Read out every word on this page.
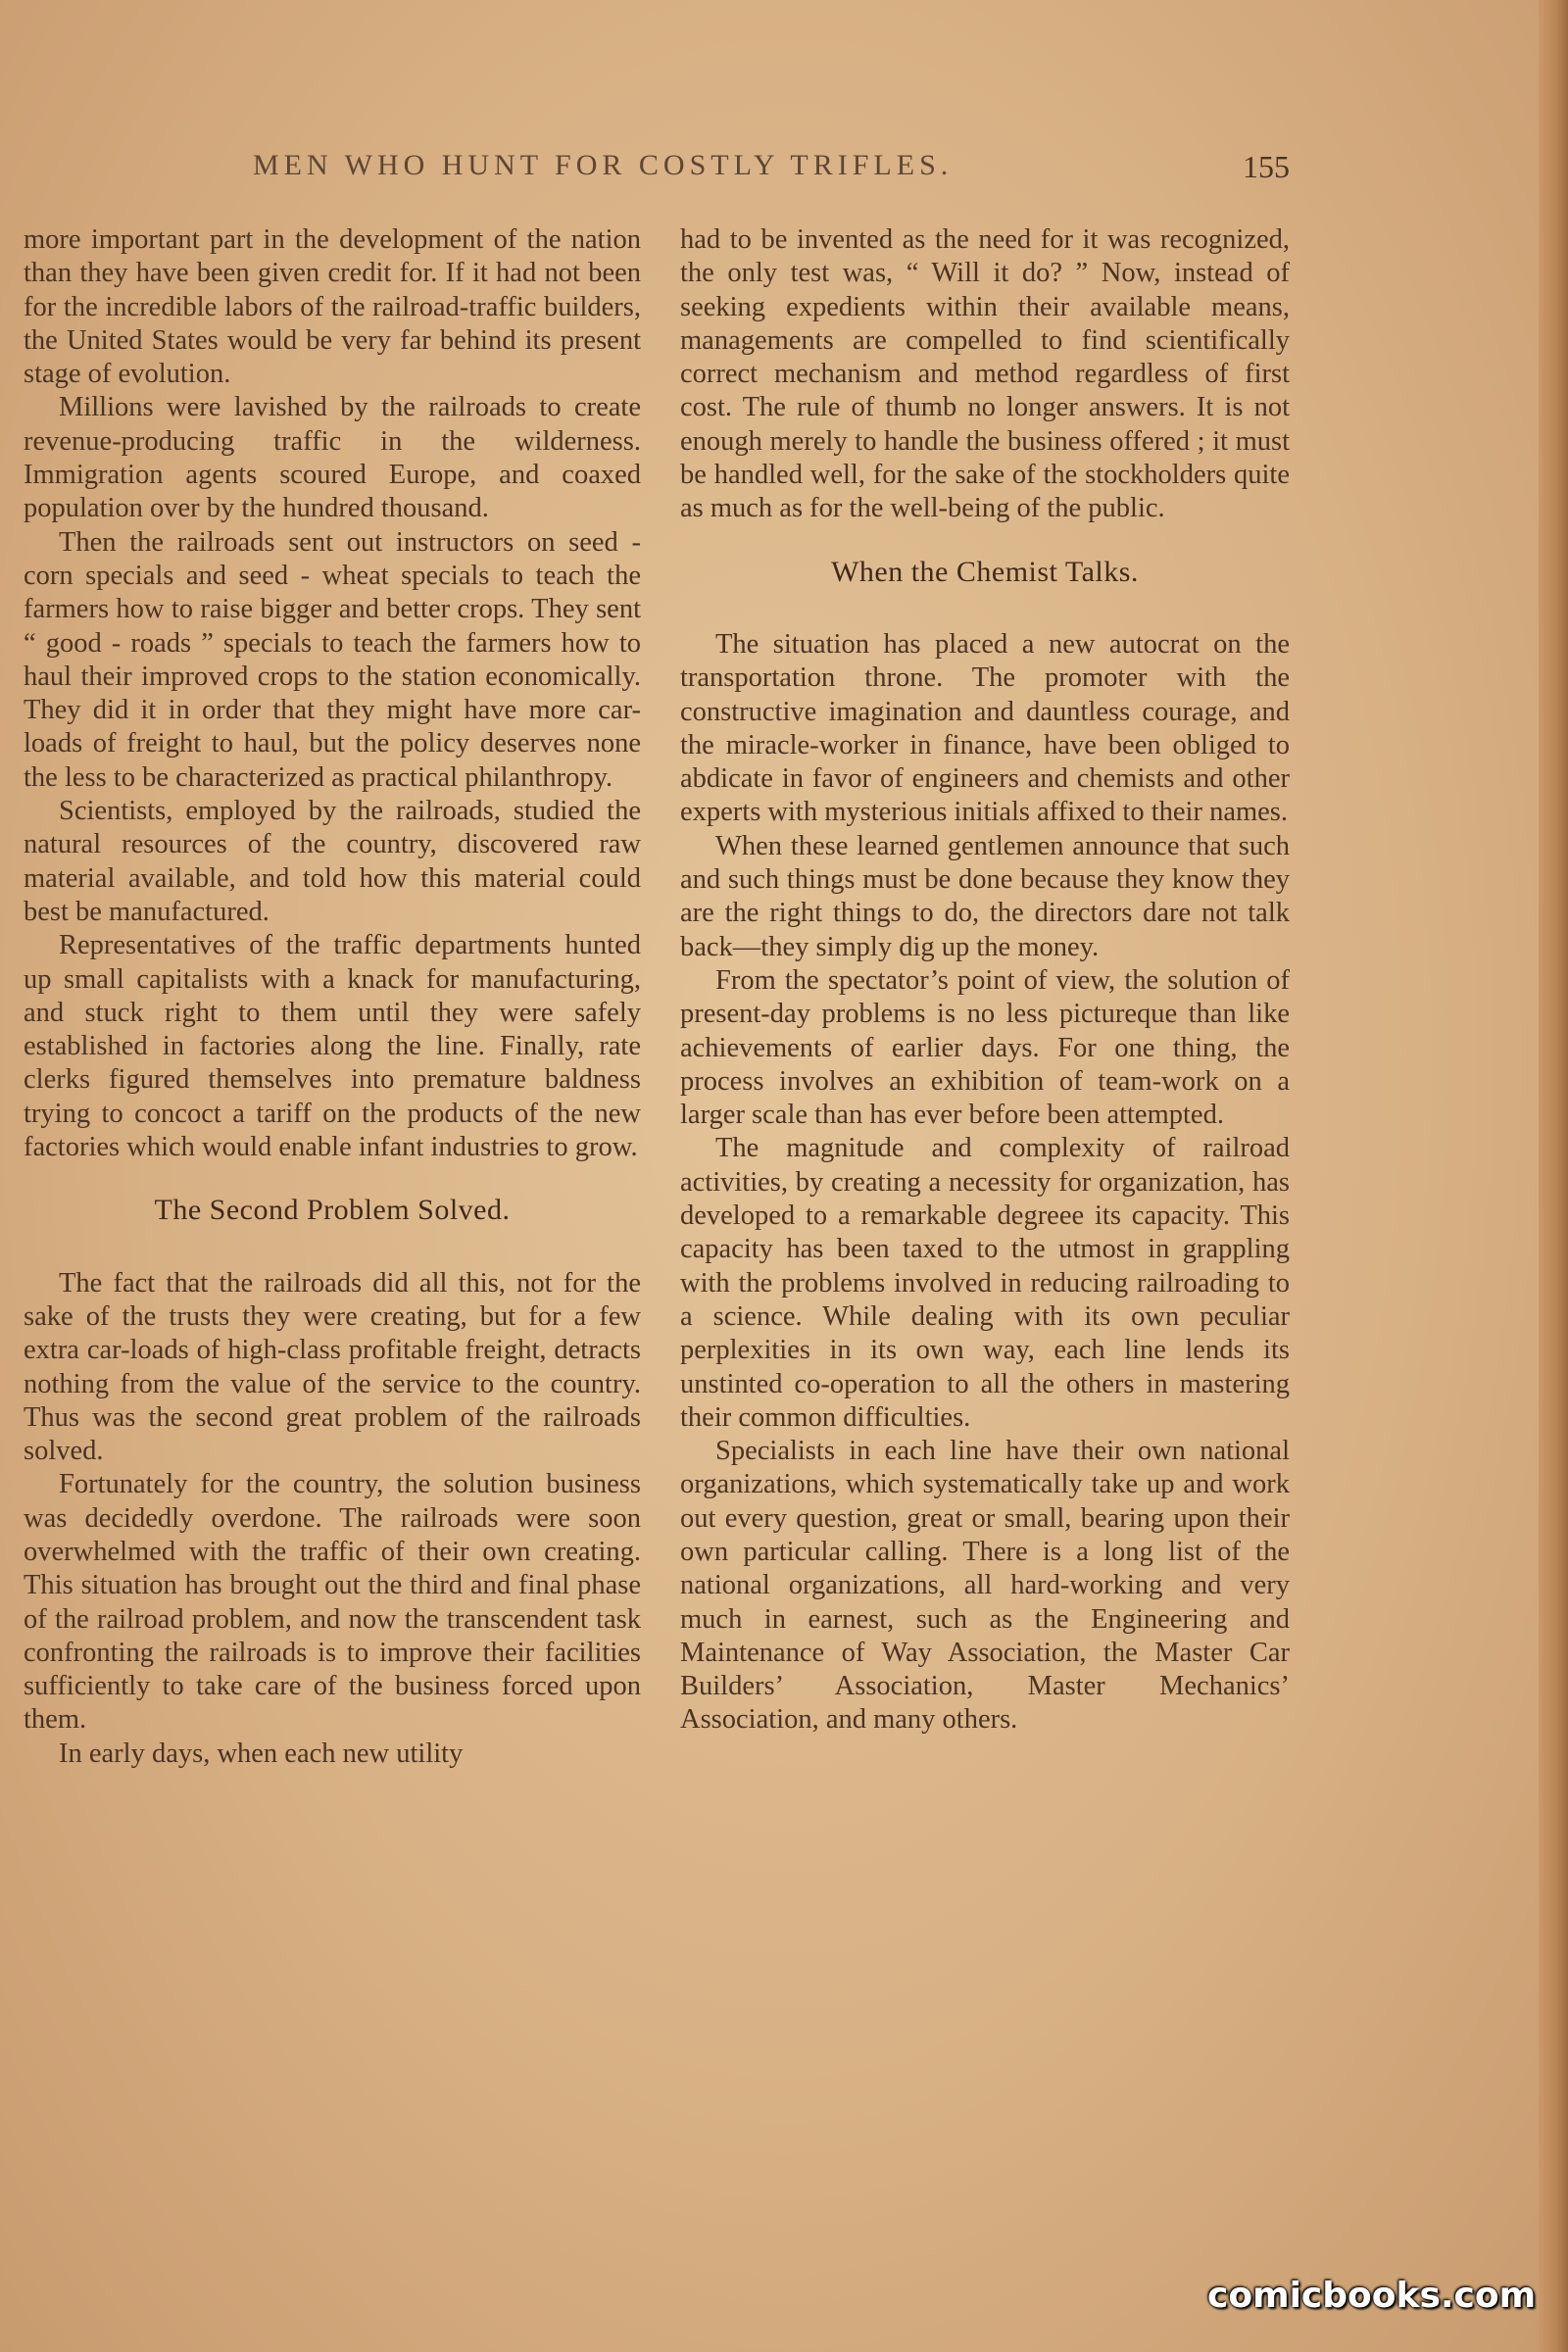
MEN WHO HUNT FOR COSTLY TRIFLES.	155

more important part in the development of the nation than they have been given credit for. If it had not been for the incredible labors of the railroad-traffic builders, the United States would be very far behind its present stage of evolution.

Millions were lavished by the railroads to create revenue-producing traffic in the wilderness. Immigration agents scoured Europe, and coaxed population over by the hundred thousand.

Then the railroads sent out instructors on seed - corn specials and seed - wheat specials to teach the farmers how to raise bigger and better crops. They sent “ good - roads ” specials to teach the farmers how to haul their improved crops to the station economically. They did it in order that they might have more car-loads of freight to haul, but the policy deserves none the less to be characterized as practical philanthropy.

Scientists, employed by the railroads, studied the natural resources of the country, discovered raw material available, and told how this material could best be manufactured.

Representatives of the traffic departments hunted up small capitalists with a knack for manufacturing, and stuck right to them until they were safely established in factories along the line. Finally, rate clerks figured themselves into premature baldness trying to concoct a tariff on the products of the new factories which would enable infant industries to grow.

The Second Problem Solved.

The fact that the railroads did all this, not for the sake of the trusts they were creating, but for a few extra car-loads of high-class profitable freight, detracts nothing from the value of the service to the country. Thus was the second great problem of the railroads solved.

Fortunately for the country, the solution business was decidedly overdone. The railroads were soon overwhelmed with the traffic of their own creating. This situation has brought out the third and final phase of the railroad problem, and now the transcendent task confronting the railroads is to improve their facilities sufficiently to take care of the business forced upon them.

In early days, when each new utility

had to be invented as the need for it was recognized, the only test was, “ Will it do? ” Now, instead of seeking expedients within their available means, managements are compelled to find scientifically correct mechanism and method regardless of first cost. The rule of thumb no longer answers. It is not enough merely to handle the business offered ; it must be handled well, for the sake of the stockholders quite as much as for the well-being of the public.

When the Chemist Talks.

The situation has placed a new autocrat on the transportation throne. The promoter with the constructive imagination and dauntless courage, and the miracle-worker in finance, have been obliged to abdicate in favor of engineers and chemists and other experts with mysterious initials affixed to their names.

When these learned gentlemen announce that such and such things must be done because they know they are the right things to do, the directors dare not talk back—they simply dig up the money.

From the spectator’s point of view, the solution of present-day problems is no less pictureque than like achievements of earlier days. For one thing, the process involves an exhibition of team-work on a larger scale than has ever before been attempted.

The magnitude and complexity of railroad activities, by creating a necessity for organization, has developed to a remarkable degreee its capacity. This capacity has been taxed to the utmost in grappling with the problems involved in reducing railroading to a science. While dealing with its own peculiar perplexities in its own way, each line lends its unstinted co-operation to all the others in mastering their common difficulties.

Specialists in each line have their own national organizations, which systematically take up and work out every question, great or small, bearing upon their own particular calling. There is a long list of the national organizations, all hard-working and very much in earnest, such as the Engineering and Maintenance of Way Association, the Master Car Builders’ Association, Master Mechanics’ Association, and many others.

comicbooks.com
